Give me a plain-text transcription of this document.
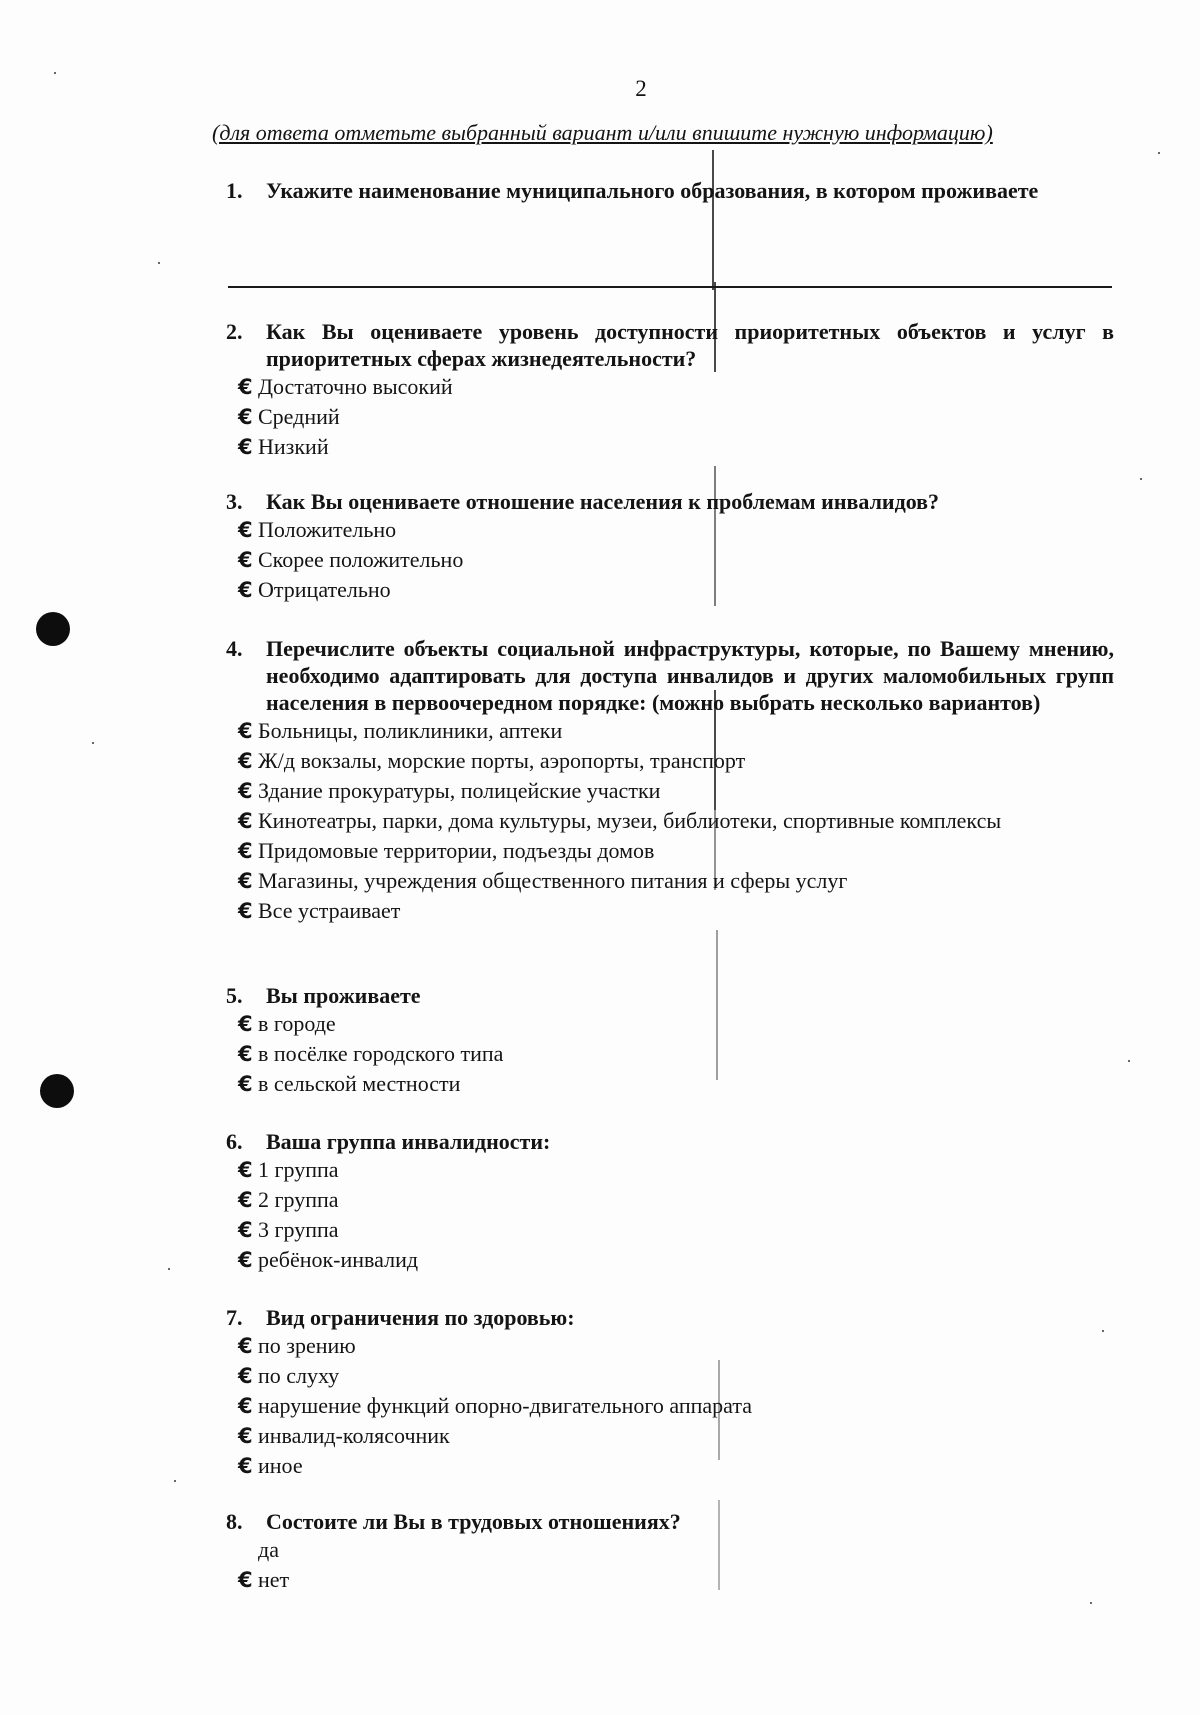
2
(для ответа отметьте выбранный вариант и/или впишите нужную информацию)
1.	Укажите наименование муниципального образования, в котором проживаете
2.	Как Вы оцениваете уровень доступности приоритетных объектов и услуг в приоритетных сферах жизнедеятельности?
€ Достаточно высокий
€ Средний
€ Низкий
3.	Как Вы оцениваете отношение населения к проблемам инвалидов?
€ Положительно
€ Скорее положительно
€ Отрицательно
4.	Перечислите объекты социальной инфраструктуры, которые, по Вашему мнению, необходимо адаптировать для доступа инвалидов и других маломобильных групп населения в первоочередном порядке: (можно выбрать несколько вариантов)
€ Больницы, поликлиники, аптеки
€ Ж/д вокзалы, морские порты, аэропорты, транспорт
€ Здание прокуратуры, полицейские участки
€ Кинотеатры, парки, дома культуры, музеи, библиотеки, спортивные комплексы
€ Придомовые территории, подъезды домов
€ Магазины, учреждения общественного питания и сферы услуг
€ Все устраивает
5.	Вы проживаете
€ в городе
€ в посёлке городского типа
€ в сельской местности
6.	Ваша группа инвалидности:
€ 1 группа
€ 2 группа
€ 3 группа
€ ребёнок-инвалид
7.	Вид ограничения по здоровью:
€ по зрению
€ по слуху
€ нарушение функций опорно-двигательного аппарата
€ инвалид-колясочник
€ иное
8.	Состоите ли Вы в трудовых отношениях?
да
€ нет
